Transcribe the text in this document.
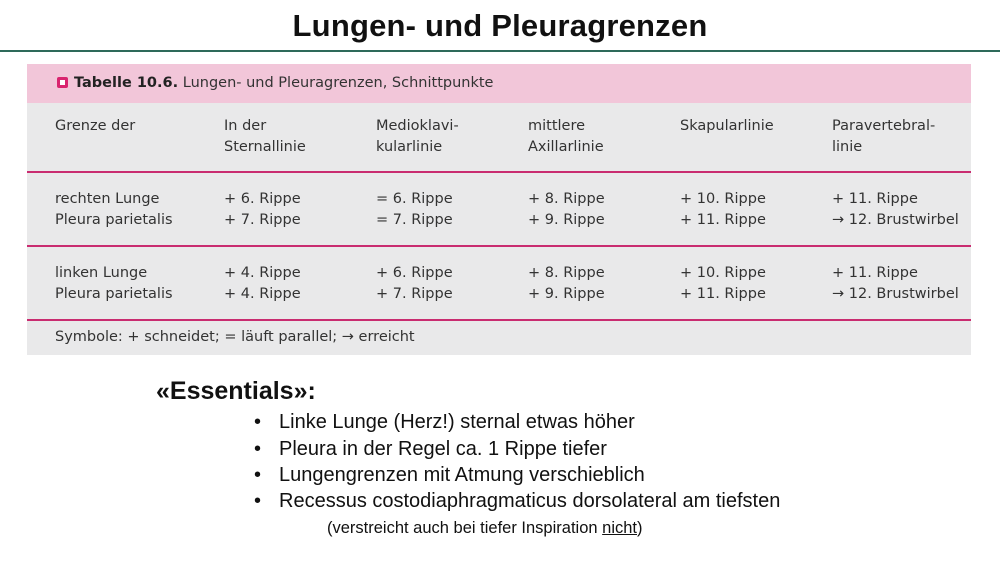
Lungen- und Pleuragrenzen
Tabelle 10.6. Lungen- und Pleuragrenzen, Schnittpunkte
Grenze der	In der
Sternallinie
Medioklavi-
kularlinie
mittlere
Axillarlinie
Skapularlinie	Paravertebral-
linie
rechten Lunge
Pleura parietalis
+ 6. Rippe
+ 7. Rippe
= 6. Rippe
= 7. Rippe
+ 8. Rippe
+ 9. Rippe
+ 10. Rippe
+ 11. Rippe
+ 11. Rippe
→ 12. Brustwirbel
linken Lunge
Pleura parietalis
+ 4. Rippe
+ 4. Rippe
+ 6. Rippe
+ 7. Rippe
+ 8. Rippe
+ 9. Rippe
+ 10. Rippe
+ 11. Rippe
+ 11. Rippe
→ 12. Brustwirbel
Symbole: + schneidet; = läuft parallel; → erreicht
«Essentials»:
• Linke Lunge (Herz!) sternal etwas höher
• Pleura in der Regel ca. 1 Rippe tiefer
• Lungengrenzen mit Atmung verschieblich
• Recessus costodiaphragmaticus dorsolateral am tiefsten
(verstreicht auch bei tiefer Inspiration nicht)
